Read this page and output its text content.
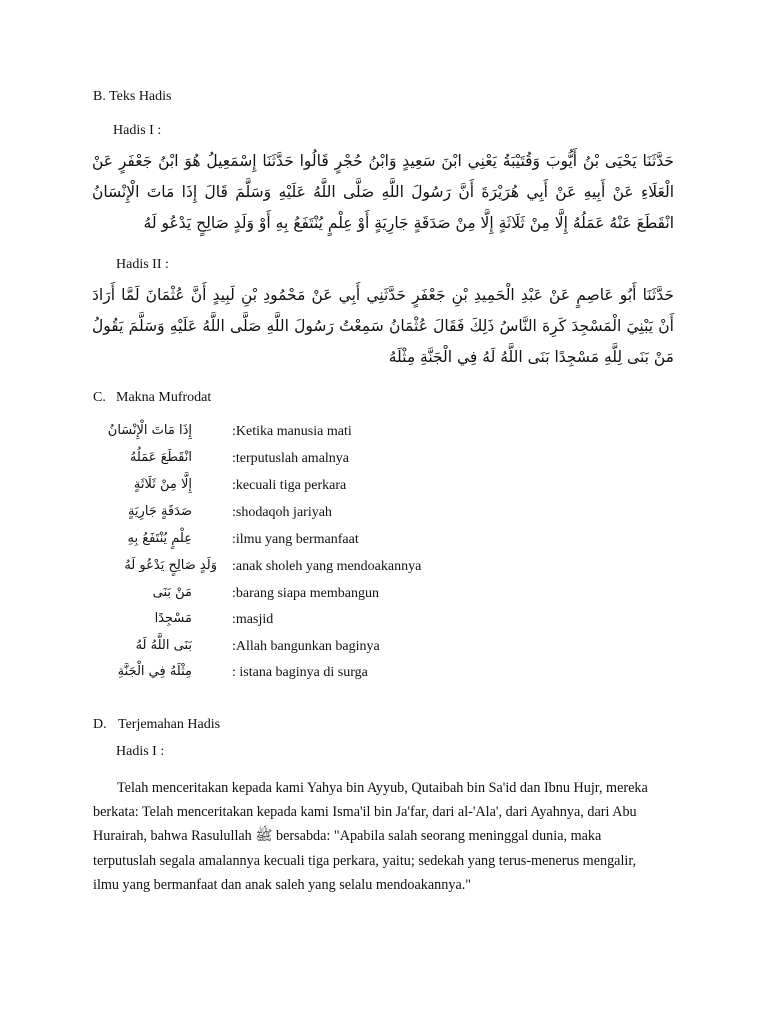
B. Teks Hadis
Hadis I :
حَدَّثَنَا يَحْيَى بْنُ أَيُّوبَ وَقُتَيْبَةُ يَعْنِي ابْنَ سَعِيدٍ وَابْنُ حُجْرٍ قَالُوا حَدَّثَنَا إِسْمَعِيلُ هُوَ ابْنُ جَعْفَرٍ عَنْ الْعَلَاءِ عَنْ أَبِيهِ عَنْ أَبِي هُرَيْرَةَ أَنَّ رَسُولَ اللَّهِ صَلَّى اللَّهُ عَلَيْهِ وَسَلَّمَ قَالَ إِذَا مَاتَ الْإِنْسَانُ انْقَطَعَ عَنْهُ عَمَلُهُ إِلَّا مِنْ ثَلَاثَةٍ إِلَّا مِنْ صَدَقَةٍ جَارِيَةٍ أَوْ عِلْمٍ يُنْتَفَعُ بِهِ أَوْ وَلَدٍ صَالِحٍ يَدْعُو لَهُ
Hadis II :
حَدَّثَنَا أَبُو عَاصِمٍ عَنْ عَبْدِ الْحَمِيدِ بْنِ جَعْفَرٍ حَدَّثَنِي أَبِي عَنْ مَحْمُودِ بْنِ لَبِيدٍ أَنَّ عُثْمَانَ لَمَّا أَرَادَ أَنْ يَبْنِيَ الْمَسْجِدَ كَرِهَ النَّاسُ ذَلِكَ فَقَالَ عُثْمَانُ سَمِعْتُ رَسُولَ اللَّهِ صَلَّى اللَّهُ عَلَيْهِ وَسَلَّمَ يَقُولُ مَنْ بَنَى لِلَّهِ مَسْجِدًا بَنَى اللَّهُ لَهُ فِي الْجَنَّةِ مِثْلَهُ
C. Makna Mufrodat
إِذَا مَاتَ الْإِنْسَانُ	:Ketika manusia mati
انْقَطَعَ عَمَلُهُ	:terputuslah amalnya
إِلَّا مِنْ ثَلَاثَةٍ	:kecuali tiga perkara
صَدَقَةٍ جَارِيَةٍ	:shodaqoh jariyah
عِلْمٍ يُنْتَفَعُ بِهِ	:ilmu yang bermanfaat
وَلَدٍ صَالِحٍ يَدْعُو لَهُ :anak sholeh yang mendoakannya
مَنْ بَنَى	:barang siapa membangun
مَسْجِدًا	:masjid
بَنَى اللَّهُ لَهُ	:Allah bangunkan baginya
مِثْلَهُ فِي الْجَنَّةِ	: istana baginya di surga
D. Terjemahan Hadis
Hadis I :
Telah menceritakan kepada kami Yahya bin Ayyub, Qutaibah bin Sa'id dan Ibnu Hujr, mereka berkata: Telah menceritakan kepada kami Isma'il bin Ja'far, dari al-'Ala', dari Ayahnya, dari Abu Hurairah, bahwa Rasulullah ﷺ bersabda: "Apabila salah seorang meninggal dunia, maka terputuslah segala amalannya kecuali tiga perkara, yaitu; sedekah yang terus-menerus mengalir, ilmu yang bermanfaat dan anak saleh yang selalu mendoakannya."
